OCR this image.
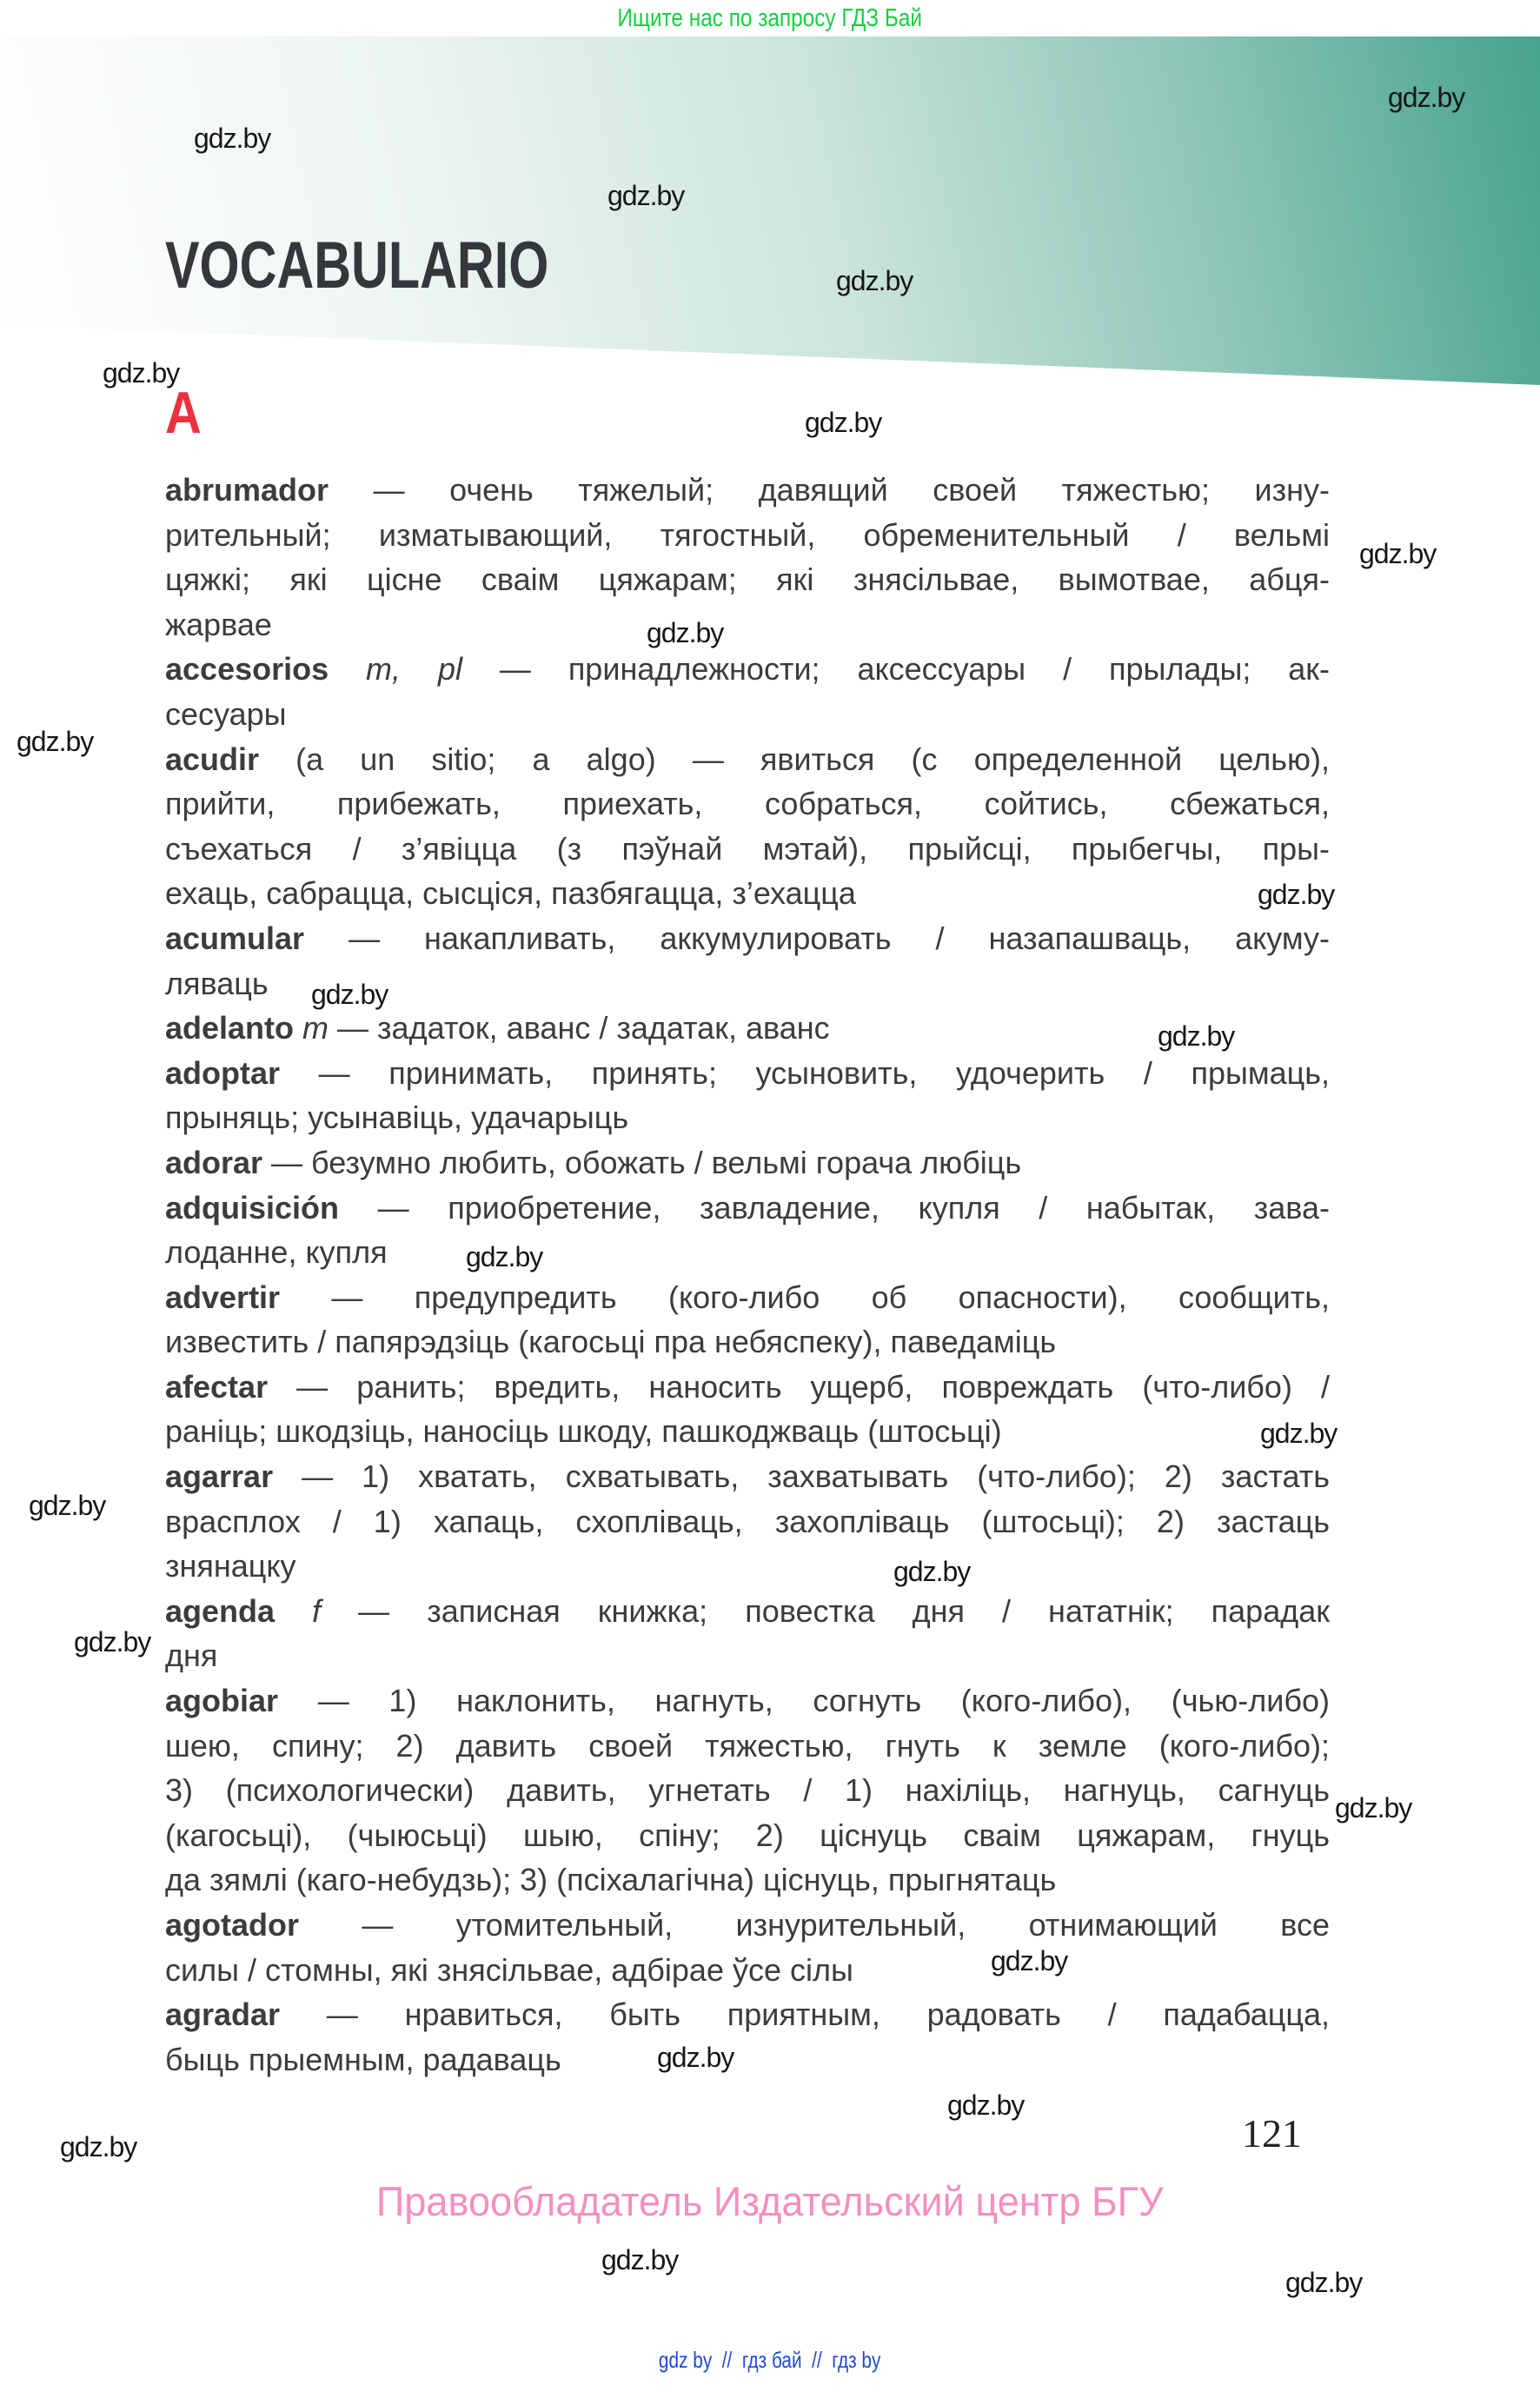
Ищите нас по запросу ГДЗ Бай
VOCABULARIO
A
abrumador — очень тяжелый; давящий своей тяжестью; изну-
рительный; изматывающий, тягостный, обременительный / вельмі
цяжкі; які цісне сваім цяжарам; які знясільвае, вымотвае, абця-
жарвае
accesorios m, pl — принадлежности; аксессуары / прылады; ак-
сесуары
acudir (a un sitio; a algo) — явиться (с определенной целью),
прийти, прибежать, приехать, собраться, сойтись, сбежаться,
съехаться / з’явіцца (з пэўнай мэтай), прыйсці, прыбегчы, пры-
ехаць, сабрацца, сысціся, пазбягацца, з’ехацца
acumular — накапливать, аккумулировать / назапашваць, акуму-
ляваць
adelanto m — задаток, аванс / задатак, аванс
adoptar — принимать, принять; усыновить, удочерить / прымаць,
прыняць; усынавіць, удачарыць
adorar — безумно любить, обожать / вельмі горача любіць
adquisición — приобретение, завладение, купля / набытак, зава-
лоданне, купля
advertir — предупредить (кого-либо об опасности), сообщить,
известить / папярэдзіць (кагосьці пра небяспеку), паведаміць
afectar — ранить; вредить, наносить ущерб, повреждать (что-либо) /
раніць; шкодзіць, наносіць шкоду, пашкоджваць (штосьці)
agarrar — 1) хватать, схватывать, захватывать (что-либо); 2) застать
врасплох / 1) хапаць, схопліваць, захопліваць (штосьці); 2) застаць
знянацку
agenda f — записная книжка; повестка дня / нататнік; парадак
дня
agobiar — 1) наклонить, нагнуть, согнуть (кого-либо), (чью-либо)
шею, спину; 2) давить своей тяжестью, гнуть к земле (кого-либо);
3) (психологически) давить, угнетать / 1) нахіліць, нагнуць, сагнуць
(кагосьці), (чыюсьці) шыю, спіну; 2) ціснуць сваім цяжарам, гнуць
да зямлі (каго-небудзь); 3) (псіхалагічна) ціснуць, прыгнятаць
agotador — утомительный, изнурительный, отнимающий все
силы / стомны, які знясільвае, адбірае ўсе сілы
agradar — нравиться, быть приятным, радовать / падабацца,
быць прыемным, радаваць
gdz.by
gdz.by
gdz.by
gdz.by
gdz.by
gdz.by
gdz.by
gdz.by
gdz.by
gdz.by
gdz.by
gdz.by
gdz.by
gdz.by
gdz.by
gdz.by
gdz.by
gdz.by
gdz.by
gdz.by
gdz.by
gdz.by
gdz.by
gdz.by
121
Правообладатель Издательский центр БГУ
gdz by  //  гдз бай  //  гдз by
